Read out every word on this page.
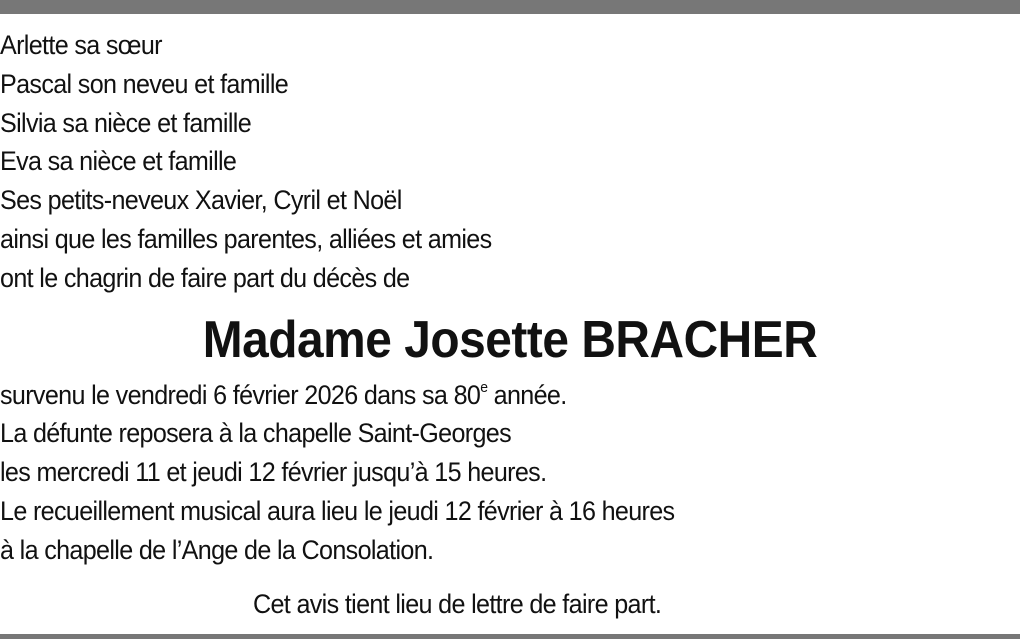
Arlette sa sœur
Pascal son neveu et famille
Silvia sa nièce et famille
Eva sa nièce et famille
Ses petits-neveux Xavier, Cyril et Noël
ainsi que les familles parentes, alliées et amies
ont le chagrin de faire part du décès de
Madame Josette BRACHER
survenu le vendredi 6 février 2026 dans sa 80e année.
La défunte reposera à la chapelle Saint-Georges
les mercredi 11 et jeudi 12 février jusqu’à 15 heures.
Le recueillement musical aura lieu le jeudi 12 février à 16 heures
à la chapelle de l’Ange de la Consolation.
Cet avis tient lieu de lettre de faire part.
